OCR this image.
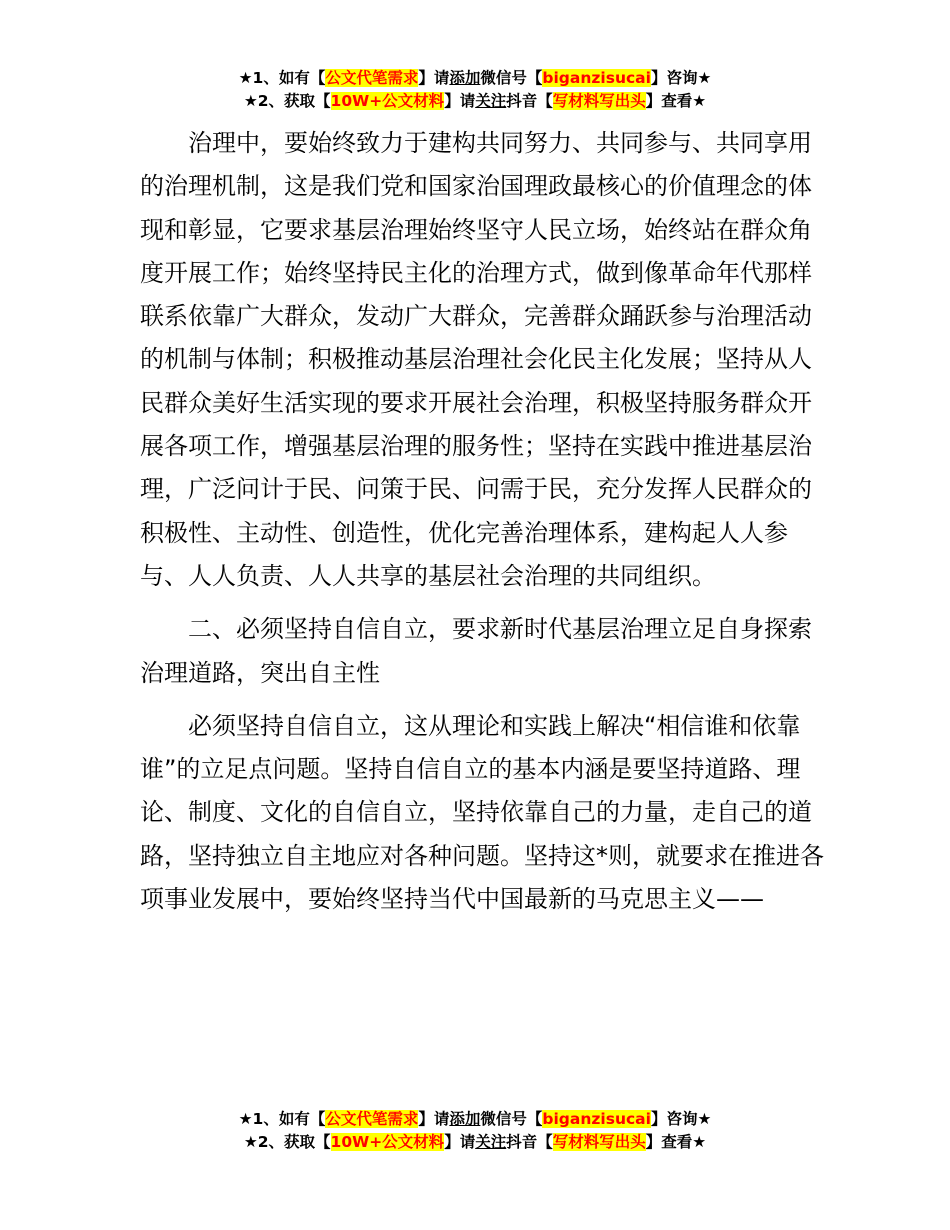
★1、如有【公文代笔需求】请添加微信号【biganzisucai】咨询★
★2、获取【10W+公文材料】请关注抖音【写材料写出头】查看★

治理中，要始终致力于建构共同努力、共同参与、共同享用的治理机制，这是我们党和国家治国理政最核心的价值理念的体现和彰显，它要求基层治理始终坚守人民立场，始终站在群众角度开展工作；始终坚持民主化的治理方式，做到像革命年代那样联系依靠广大群众，发动广大群众，完善群众踊跃参与治理活动的机制与体制；积极推动基层治理社会化民主化发展；坚持从人民群众美好生活实现的要求开展社会治理，积极坚持服务群众开展各项工作，增强基层治理的服务性；坚持在实践中推进基层治理，广泛问计于民、问策于民、问需于民，充分发挥人民群众的积极性、主动性、创造性，优化完善治理体系，建构起人人参与、人人负责、人人共享的基层社会治理的共同组织。

二、必须坚持自信自立，要求新时代基层治理立足自身探索治理道路，突出自主性

必须坚持自信自立，这从理论和实践上解决“相信谁和依靠谁”的立足点问题。坚持自信自立的基本内涵是要坚持道路、理论、制度、文化的自信自立，坚持依靠自己的力量，走自己的道路，坚持独立自主地应对各种问题。坚持这*则，就要求在推进各项事业发展中，要始终坚持当代中国最新的马克思主义——

★1、如有【公文代笔需求】请添加微信号【biganzisucai】咨询★
★2、获取【10W+公文材料】请关注抖音【写材料写出头】查看★
